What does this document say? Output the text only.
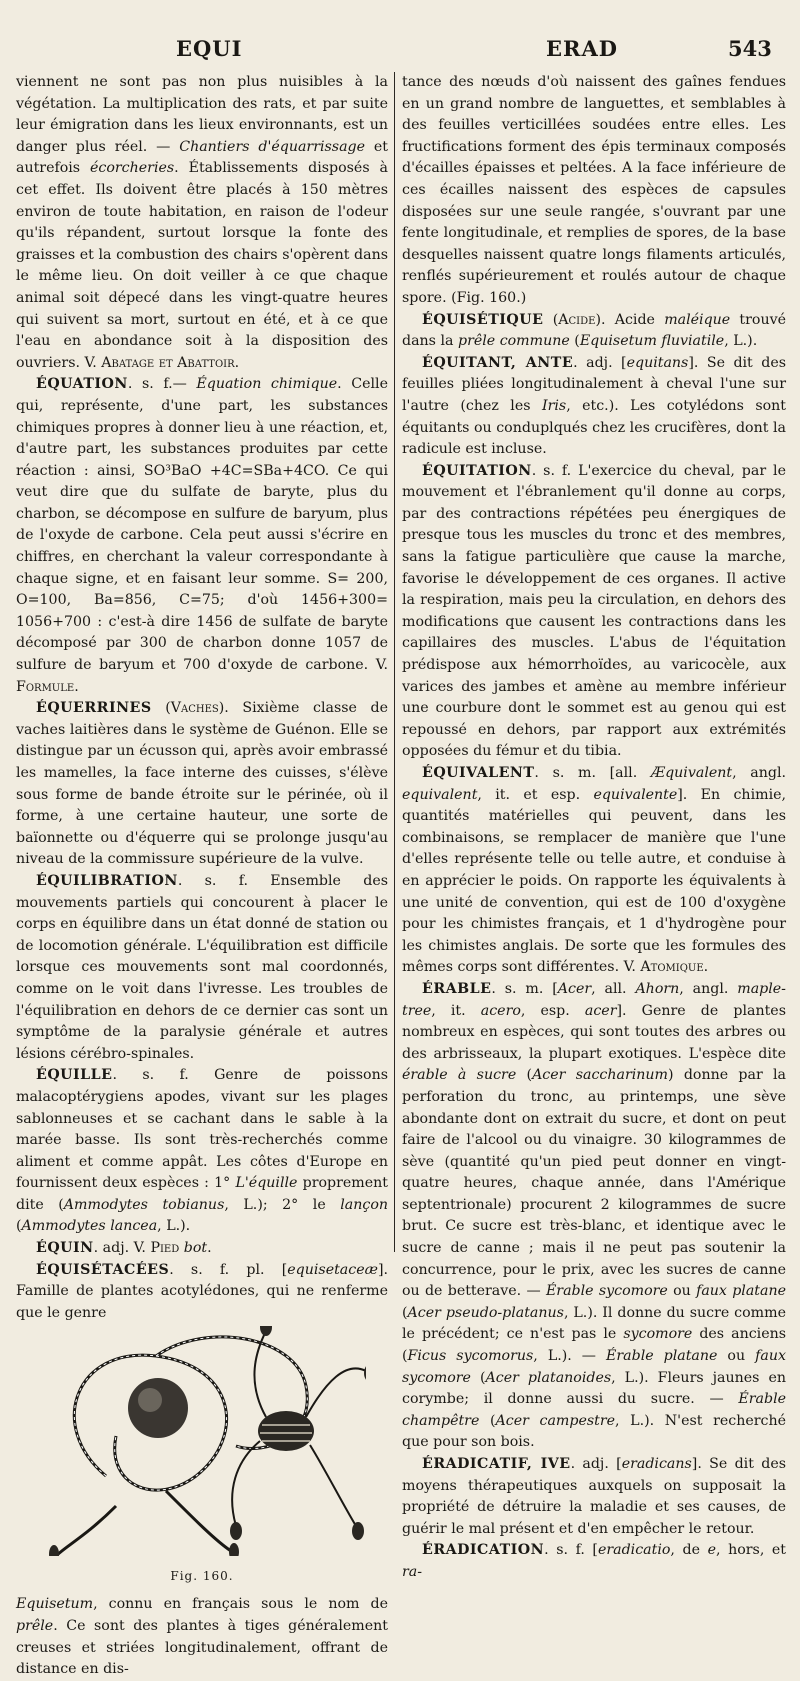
EQUI	ERAD	543

viennent ne sont pas non plus nuisibles à la végétation. La multiplication des rats, et par suite leur émigration dans les lieux environnants, est un danger plus réel. — Chantiers d'équarrissage et autrefois écorcheries. Établissements disposés à cet effet. Ils doivent être placés à 150 mètres environ de toute habitation, en raison de l'odeur qu'ils répandent, surtout lorsque la fonte des graisses et la combustion des chairs s'opèrent dans le même lieu. On doit veiller à ce que chaque animal soit dépecé dans les vingt-quatre heures qui suivent sa mort, surtout en été, et à ce que l'eau en abondance soit à la disposition des ouvriers. V. Abatage et Abattoir.

ÉQUATION. s. f.— Équation chimique. Celle qui, représente, d'une part, les substances chimiques propres à donner lieu à une réaction, et, d'autre part, les substances produites par cette réaction : ainsi, SO³BaO +4C=SBa+4CO. Ce qui veut dire que du sulfate de baryte, plus du charbon, se décompose en sulfure de baryum, plus de l'oxyde de carbone. Cela peut aussi s'écrire en chiffres, en cherchant la valeur correspondante à chaque signe, et en faisant leur somme. S= 200, O=100, Ba=856, C=75; d'où 1456+300= 1056+700 : c'est-à dire 1456 de sulfate de baryte décomposé par 300 de charbon donne 1057 de sulfure de baryum et 700 d'oxyde de carbone. V. Formule.

ÉQUERRINES (Vaches). Sixième classe de vaches laitières dans le système de Guénon. Elle se distingue par un écusson qui, après avoir embrassé les mamelles, la face interne des cuisses, s'élève sous forme de bande étroite sur le périnée, où il forme, à une certaine hauteur, une sorte de baïonnette ou d'équerre qui se prolonge jusqu'au niveau de la commissure supérieure de la vulve.

ÉQUILIBRATION. s. f. Ensemble des mouvements partiels qui concourent à placer le corps en équilibre dans un état donné de station ou de locomotion générale. L'équilibration est difficile lorsque ces mouvements sont mal coordonnés, comme on le voit dans l'ivresse. Les troubles de l'équilibration en dehors de ce dernier cas sont un symptôme de la paralysie générale et autres lésions cérébro-spinales.

ÉQUILLE. s. f. Genre de poissons malacoptérygiens apodes, vivant sur les plages sablonneuses et se cachant dans le sable à la marée basse. Ils sont très-recherchés comme aliment et comme appât. Les côtes d'Europe en fournissent deux espèces : 1° L'équille proprement dite (Ammodytes tobianus, L.); 2° le lançon (Ammodytes lancea, L.).

ÉQUIN. adj. V. Pied bot.

ÉQUISÉTACÉES. s. f. pl. [equisetaceæ]. Famille de plantes acotylédones, qui ne renferme que le genre

Fig. 160.

Equisetum, connu en français sous le nom de prêle. Ce sont des plantes à tiges généralement creuses et striées longitudinalement, offrant de distance en dis-

tance des nœuds d'où naissent des gaînes fendues en un grand nombre de languettes, et semblables à des feuilles verticillées soudées entre elles. Les fructifications forment des épis terminaux composés d'écailles épaisses et peltées. A la face inférieure de ces écailles naissent des espèces de capsules disposées sur une seule rangée, s'ouvrant par une fente longitudinale, et remplies de spores, de la base desquelles naissent quatre longs filaments articulés, renflés supérieurement et roulés autour de chaque spore. (Fig. 160.)

ÉQUISÉTIQUE (Acide). Acide maléique trouvé dans la prêle commune (Equisetum fluviatile, L.).

ÉQUITANT, ANTE. adj. [equitans]. Se dit des feuilles pliées longitudinalement à cheval l'une sur l'autre (chez les Iris, etc.). Les cotylédons sont équitants ou conduplqués chez les crucifères, dont la radicule est incluse.

ÉQUITATION. s. f. L'exercice du cheval, par le mouvement et l'ébranlement qu'il donne au corps, par des contractions répétées peu énergiques de presque tous les muscles du tronc et des membres, sans la fatigue particulière que cause la marche, favorise le développement de ces organes. Il active la respiration, mais peu la circulation, en dehors des modifications que causent les contractions dans les capillaires des muscles. L'abus de l'équitation prédispose aux hémorrhoïdes, au varicocèle, aux varices des jambes et amène au membre inférieur une courbure dont le sommet est au genou qui est repoussé en dehors, par rapport aux extrémités opposées du fémur et du tibia.

ÉQUIVALENT. s. m. [all. Æquivalent, angl. equivalent, it. et esp. equivalente]. En chimie, quantités matérielles qui peuvent, dans les combinaisons, se remplacer de manière que l'une d'elles représente telle ou telle autre, et conduise à en apprécier le poids. On rapporte les équivalents à une unité de convention, qui est de 100 d'oxygène pour les chimistes français, et 1 d'hydrogène pour les chimistes anglais. De sorte que les formules des mêmes corps sont différentes. V. Atomique.

ÉRABLE. s. m. [Acer, all. Ahorn, angl. maple-tree, it. acero, esp. acer]. Genre de plantes nombreux en espèces, qui sont toutes des arbres ou des arbrisseaux, la plupart exotiques. L'espèce dite érable à sucre (Acer saccharinum) donne par la perforation du tronc, au printemps, une sève abondante dont on extrait du sucre, et dont on peut faire de l'alcool ou du vinaigre. 30 kilogrammes de sève (quantité qu'un pied peut donner en vingt-quatre heures, chaque année, dans l'Amérique septentrionale) procurent 2 kilogrammes de sucre brut. Ce sucre est très-blanc, et identique avec le sucre de canne ; mais il ne peut pas soutenir la concurrence, pour le prix, avec les sucres de canne ou de betterave. — Érable sycomore ou faux platane (Acer pseudo-platanus, L.). Il donne du sucre comme le précédent; ce n'est pas le sycomore des anciens (Ficus sycomorus, L.). — Érable platane ou faux sycomore (Acer platanoides, L.). Fleurs jaunes en corymbe; il donne aussi du sucre. — Érable champêtre (Acer campestre, L.). N'est recherché que pour son bois.

ÉRADICATIF, IVE. adj. [eradicans]. Se dit des moyens thérapeutiques auxquels on supposait la propriété de détruire la maladie et ses causes, de guérir le mal présent et d'en empêcher le retour.

ÉRADICATION. s. f. [eradicatio, de e, hors, et ra-
